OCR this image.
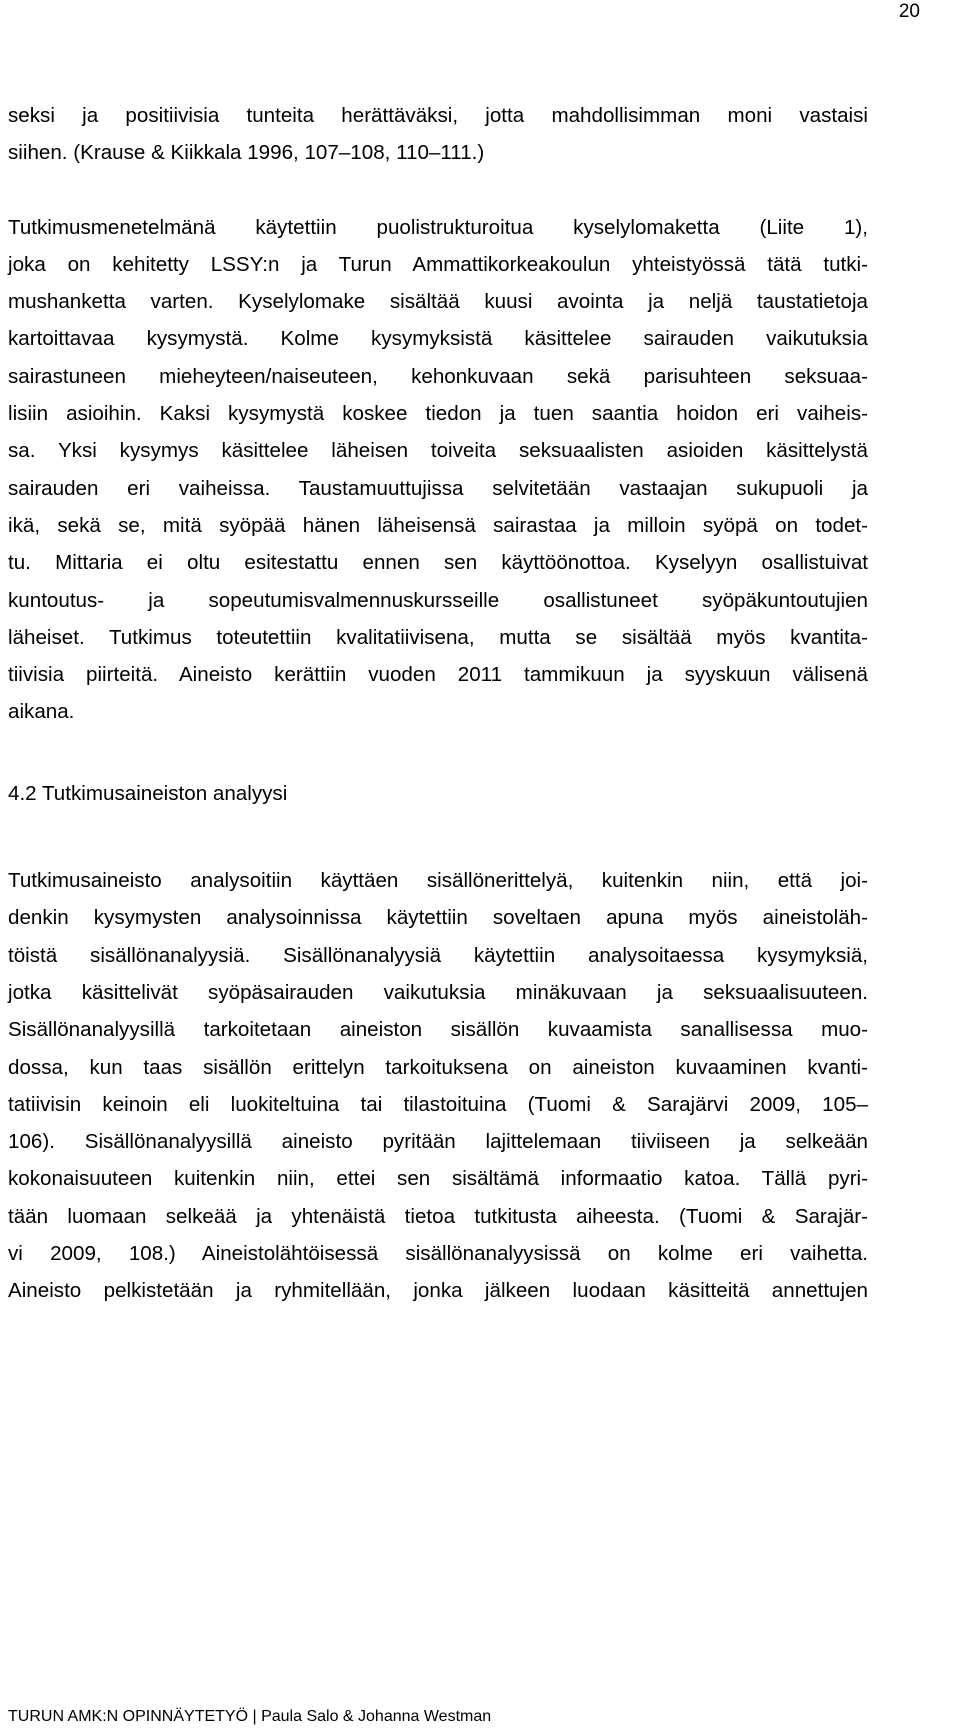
20
seksi ja positiivisia tunteita herättäväksi, jotta mahdollisimman moni vastaisi
siihen. (Krause & Kiikkala 1996, 107–108, 110–111.)
Tutkimusmenetelmänä käytettiin puolistrukturoitua kyselylomaketta (Liite 1),
joka on kehitetty LSSY:n ja Turun Ammattikorkeakoulun yhteistyössä tätä tutki-
mushanketta varten. Kyselylomake sisältää kuusi avointa ja neljä taustatietoja
kartoittavaa kysymystä. Kolme kysymyksistä käsittelee sairauden vaikutuksia
sairastuneen mieheyteen/naiseuteen, kehonkuvaan sekä parisuhteen seksuaa-
lisiin asioihin. Kaksi kysymystä koskee tiedon ja tuen saantia hoidon eri vaiheis-
sa. Yksi kysymys käsittelee läheisen toiveita seksuaalisten asioiden käsittelystä
sairauden eri vaiheissa. Taustamuuttujissa selvitetään vastaajan sukupuoli ja
ikä, sekä se, mitä syöpää hänen läheisensä sairastaa ja milloin syöpä on todet-
tu. Mittaria ei oltu esitestattu ennen sen käyttöönottoa. Kyselyyn osallistuivat
kuntoutus- ja sopeutumisvalmennuskursseille osallistuneet syöpäkuntoutujien
läheiset. Tutkimus toteutettiin kvalitatiivisena, mutta se sisältää myös kvantita-
tiivisia piirteitä. Aineisto kerättiin vuoden 2011 tammikuun ja syyskuun välisenä
aikana.
4.2 Tutkimusaineiston analyysi
Tutkimusaineisto analysoitiin käyttäen sisällönerittelyä, kuitenkin niin, että joi-
denkin kysymysten analysoinnissa käytettiin soveltaen apuna myös aineistoläh-
töistä sisällönanalyysiä. Sisällönanalyysiä käytettiin analysoitaessa kysymyksiä,
jotka käsittelivät syöpäsairauden vaikutuksia minäkuvaan ja seksuaalisuuteen.
Sisällönanalyysillä tarkoitetaan aineiston sisällön kuvaamista sanallisessa muo-
dossa, kun taas sisällön erittelyn tarkoituksena on aineiston kuvaaminen kvanti-
tatiivisin keinoin eli luokiteltuina tai tilastoituina (Tuomi & Sarajärvi 2009, 105–
106). Sisällönanalyysillä aineisto pyritään lajittelemaan tiiviiseen ja selkeään
kokonaisuuteen kuitenkin niin, ettei sen sisältämä informaatio katoa. Tällä pyri-
tään luomaan selkeää ja yhtenäistä tietoa tutkitusta aiheesta. (Tuomi & Sarajär-
vi 2009, 108.) Aineistolähtöisessä sisällönanalyysissä on kolme eri vaihetta.
Aineisto pelkistetään ja ryhmitellään, jonka jälkeen luodaan käsitteitä annettujen
TURUN AMK:N OPINNÄYTETYÖ | Paula Salo & Johanna Westman
